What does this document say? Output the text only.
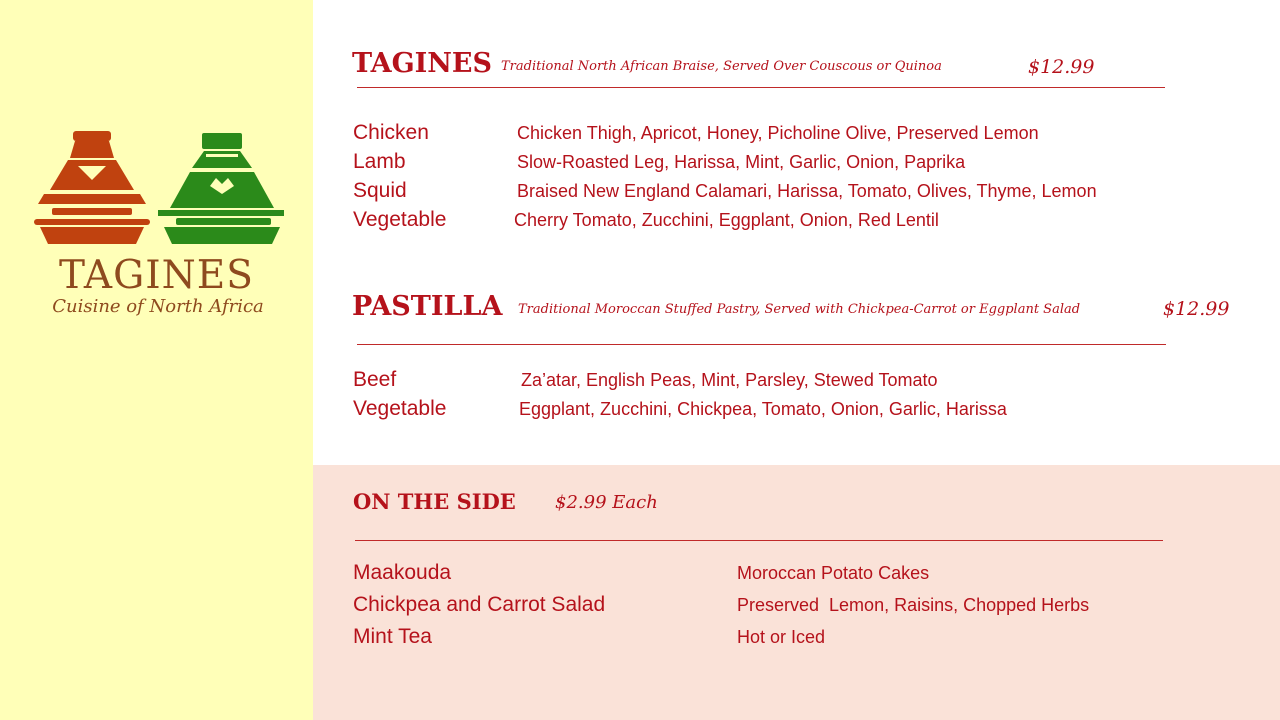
TAGINES
Cuisine of North Africa
TAGINES Traditional North African Braise, Served Over Couscous or Quinoa	$12.99
Chicken	Chicken Thigh, Apricot, Honey, Picholine Olive, Preserved Lemon
Lamb	Slow-Roasted Leg, Harissa, Mint, Garlic, Onion, Paprika
Squid	Braised New England Calamari, Harissa, Tomato, Olives, Thyme, Lemon
Vegetable	Cherry Tomato, Zucchini, Eggplant, Onion, Red Lentil
PASTILLA Traditional Moroccan Stuffed Pastry, Served with Chickpea-Carrot or Eggplant Salad	$12.99
Beef	Za’atar, English Peas, Mint, Parsley, Stewed Tomato
Vegetable	Eggplant, Zucchini, Chickpea, Tomato, Onion, Garlic, Harissa
ON THE SIDE $2.99 Each
Maakouda	Moroccan Potato Cakes
Chickpea and Carrot Salad	Preserved  Lemon, Raisins, Chopped Herbs
Mint Tea	Hot or Iced
